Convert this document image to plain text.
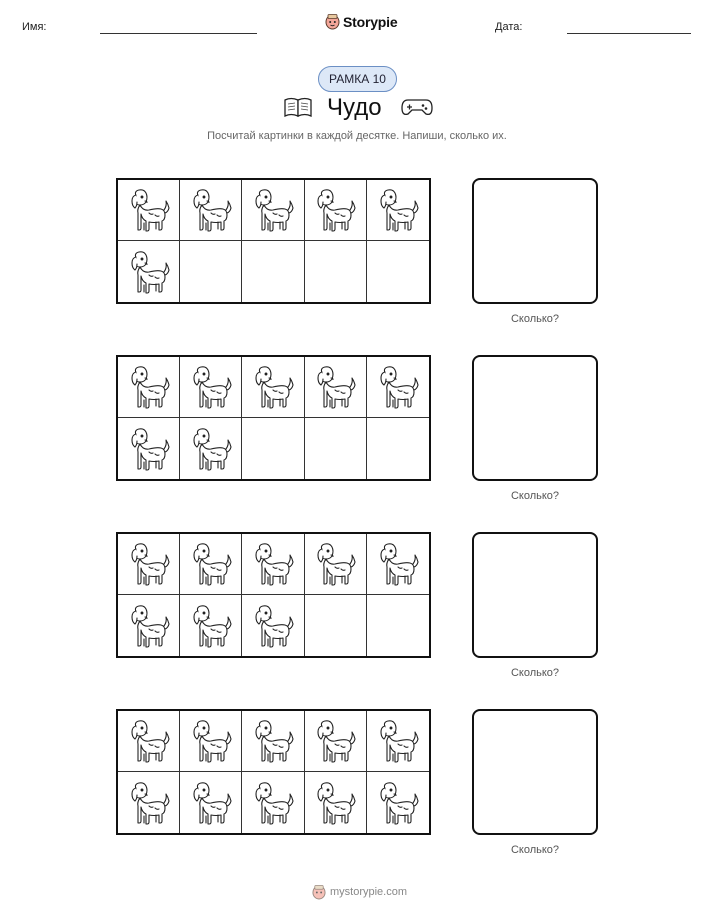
Имя:	Storypie	Дата:
РАМКА 10
Чудо
Посчитай картинки в каждой десятке. Напиши, сколько их.
Сколько?
Сколько?
Сколько?
Сколько?
mystorypie.com
